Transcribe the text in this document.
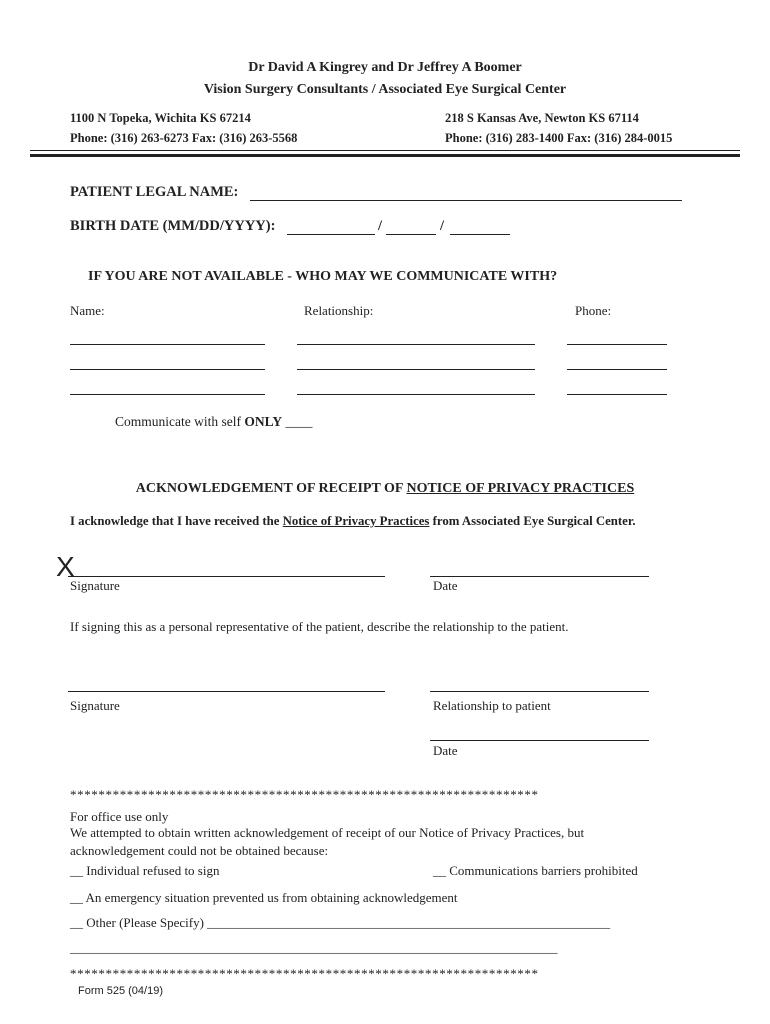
Dr David A Kingrey and Dr Jeffrey A Boomer
Vision Surgery Consultants / Associated Eye Surgical Center
1100 N Topeka, Wichita KS 67214
Phone: (316) 263-6273 Fax: (316) 263-5568
218 S Kansas Ave, Newton KS 67114
Phone: (316) 283-1400 Fax: (316) 284-0015
PATIENT LEGAL NAME:
BIRTH DATE (MM/DD/YYYY):	/	/
IF YOU ARE NOT AVAILABLE - WHO MAY WE COMMUNICATE WITH?
Name:	Relationship:	Phone:
Communicate with self ONLY ____
ACKNOWLEDGEMENT OF RECEIPT OF NOTICE OF PRIVACY PRACTICES
I acknowledge that I have received the Notice of Privacy Practices from Associated Eye Surgical Center.
X
Signature	Date
If signing this as a personal representative of the patient, describe the relationship to the patient.
Signature	Relationship to patient
Date
******************************************************************
For office use only
We attempted to obtain written acknowledgement of receipt of our Notice of Privacy Practices, but
acknowledgement could not be obtained because:
__ Individual refused to sign	__ Communications barriers prohibited
__ An emergency situation prevented us from obtaining acknowledgement
__ Other (Please Specify) ______________________________________________________________
___________________________________________________________________________
******************************************************************
Form 525 (04/19)
